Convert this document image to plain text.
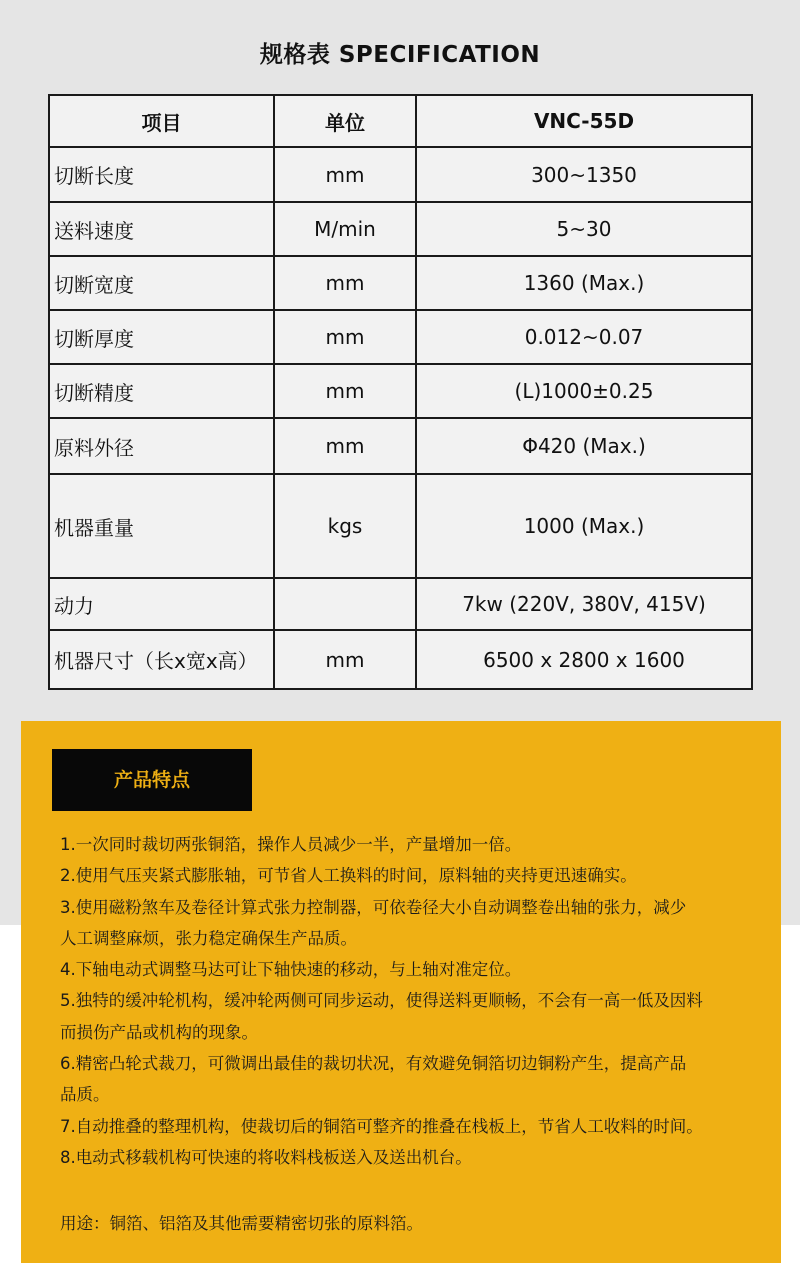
规格表 SPECIFICATION
项目	单位	VNC-55D
切断长度	mm	300~1350
送料速度	M/min	5~30
切断宽度	mm	1360 (Max.)
切断厚度	mm	0.012~0.07
切断精度	mm	(L)1000±0.25
原料外径	mm	Φ420 (Max.)
机器重量	kgs	1000 (Max.)
动力		7kw (220V, 380V, 415V)
机器尺寸（长x宽x高）	mm	6500 x 2800 x 1600
产品特点
1.一次同时裁切两张铜箔，操作人员减少一半，产量增加一倍。
2.使用气压夹紧式膨胀轴，可节省人工换料的时间，原料轴的夹持更迅速确实。
3.使用磁粉煞车及卷径计算式张力控制器，可依卷径大小自动调整卷出轴的张力，减少
人工调整麻烦，张力稳定确保生产品质。
4.下轴电动式调整马达可让下轴快速的移动，与上轴对准定位。
5.独特的缓冲轮机构，缓冲轮两侧可同步运动，使得送料更顺畅，不会有一高一低及因料
而损伤产品或机构的现象。
6.精密凸轮式裁刀，可微调出最佳的裁切状况，有效避免铜箔切边铜粉产生，提高产品
品质。
7.自动推叠的整理机构，使裁切后的铜箔可整齐的推叠在栈板上，节省人工收料的时间。
8.电动式移载机构可快速的将收料栈板送入及送出机台。
用途：铜箔、铝箔及其他需要精密切张的原料箔。
